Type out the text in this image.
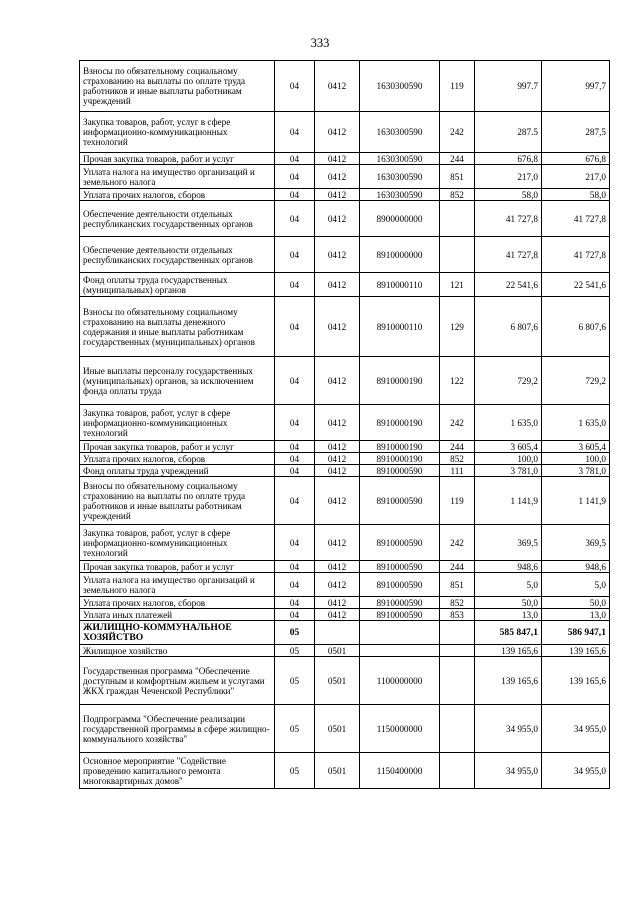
333
Взносы по обязательному социальному страхованию на выплаты по оплате труда работников и иные выплаты работникам учреждений	04	0412	1630300590	119	997.7	997,7
Закупка товаров, работ, услуг в сфере информационно-коммуникационных технологий	04	0412	1630300590	242	287.5	287,5
Прочая закупка товаров, работ и услуг	04	0412	1630300590	244	676,8	676,8
Уплата налога на имущество организаций и земельного налога	04	0412	1630300590	851	217,0	217,0
Уплата прочих налогов, сборов	04	0412	1630300590	852	58,0	58,0
Обеспечение деятельности отдельных республиканских государственных органов	04	0412	8900000000		41 727,8	41 727,8
Обеспечение деятельности отдельных республиканских государственных органов	04	0412	8910000000		41 727,8	41 727,8
Фонд оплаты труда государственных (муниципальных) органов	04	0412	8910000110	121	22 541,6	22 541,6
Взносы по обязательному социальному страхованию на выплаты денежного содержания и иные выплаты работникам государственных (муниципальных) органов	04	0412	8910000110	129	6 807,6	6 807,6
Иные выплаты персоналу государственных (муниципальных) органов, за исключением фонда оплаты труда	04	0412	8910000190	122	729,2	729,2
Закупка товаров, работ, услуг в сфере информационно-коммуникационных технологий	04	0412	8910000190	242	1 635,0	1 635,0
Прочая закупка товаров, работ и услуг	04	0412	8910000190	244	3 605,4	3 605,4
Уплата прочих налогов, сборов	04	0412	8910000190	852	100,0	100,0
Фонд оплаты труда учреждений	04	0412	8910000590	111	3 781,0	3 781,0
Взносы по обязательному социальному страхованию на выплаты по оплате труда работников и иные выплаты работникам учреждений	04	0412	8910000590	119	1 141,9	1 141,9
Закупка товаров, работ, услуг в сфере информационно-коммуникационных технологий	04	0412	8910000590	242	369,5	369,5
Прочая закупка товаров, работ и услуг	04	0412	8910000590	244	948,6	948,6
Уплата налога на имущество организаций и земельного налога	04	0412	8910000590	851	5,0	5,0
Уплата прочих налогов, сборов	04	0412	8910000590	852	50,0	50,0
Уплата иных платежей	04	0412	8910000590	853	13,0	13,0
ЖИЛИЩНО-КОММУНАЛЬНОЕ ХОЗЯЙСТВО	05				585 847,1	586 947,1
Жилищное хозяйство	05	0501			139 165,6	139 165,6
Государственная программа "Обеспечение доступным и комфортным жильем и услугами ЖКХ граждан Чеченской Республики"	05	0501	1100000000		139 165,6	139 165,6
Подпрограмма "Обеспечение реализации государственной программы в сфере жилищно-коммунального хозяйства"	05	0501	1150000000		34 955,0	34 955,0
Основное мероприятие "Содействие проведению капитального ремонта многоквартирных домов"	05	0501	1150400000		34 955,0	34 955,0
